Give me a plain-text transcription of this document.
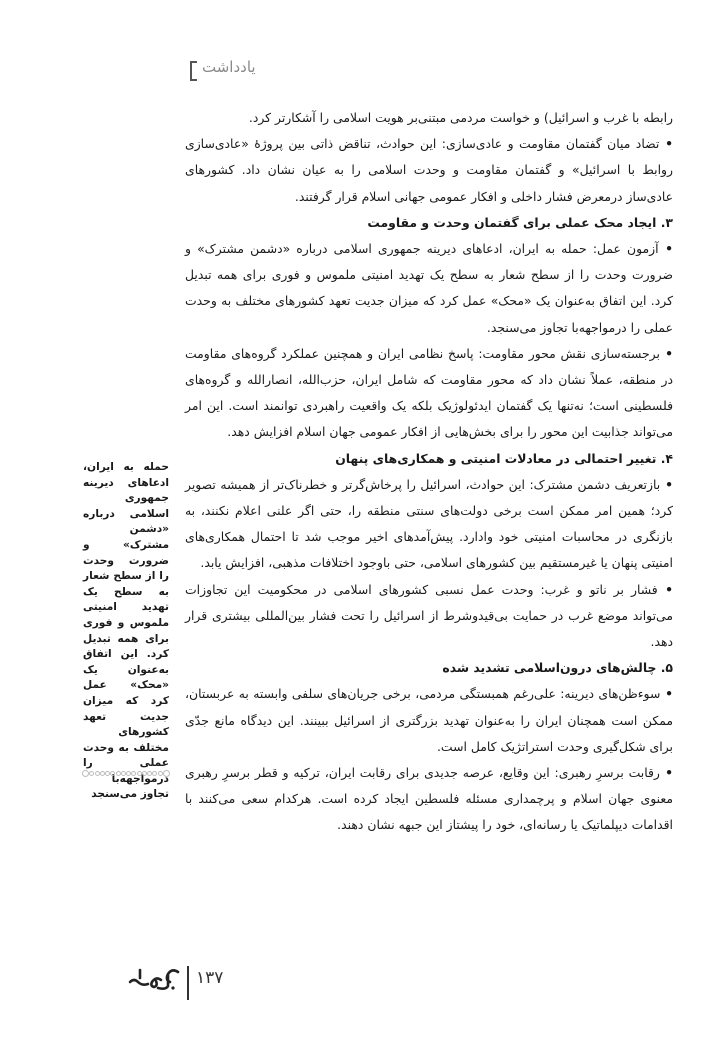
یادداشت

رابطه با غرب و اسرائیل) و خواست مردمی مبتنی‌بر هویت اسلامی را آشکارتر کرد.

• تضاد میان گفتمان مقاومت و عادی‌سازی: این حوادث، تناقض ذاتی بین پروژۀ «عادی‌سازی روابط با اسرائیل» و گفتمان مقاومت و وحدت اسلامی را به عیان نشان داد. کشورهای عادی‌ساز درمعرض فشار داخلی و افکار عمومی جهانی اسلام قرار گرفتند.

۳. ایجاد محک عملی برای گفتمان وحدت و مقاومت

• آزمون عمل: حمله به ایران، ادعاهای دیرینه جمهوری اسلامی درباره «دشمن مشترک» و ضرورت وحدت را از سطح شعار به سطح یک تهدید امنیتی ملموس و فوری برای همه تبدیل کرد. این اتفاق به‌عنوان یک «محک» عمل کرد که میزان جدیت تعهد کشورهای مختلف به وحدت عملی را درمواجهه‌با تجاوز می‌سنجد.

• برجسته‌سازی نقش محور مقاومت: پاسخ نظامی ایران و همچنین عملکرد گروه‌های مقاومت در منطقه، عملاً نشان داد که محور مقاومت که شامل ایران، حزب‌الله، انصارالله و گروه‌های فلسطینی است؛ نه‌تنها یک گفتمان ایدئولوژیک بلکه یک واقعیت راهبردی توانمند است. این امر می‌تواند جذابیت این محور را برای بخش‌هایی از افکار عمومی جهان اسلام افزایش دهد.

۴. تغییر احتمالی در معادلات امنیتی و همکاری‌های پنهان

• بازتعریف دشمن مشترک: این حوادث، اسرائیل را پرخاش‌گرتر و خطرناک‌تر از همیشه تصویر کرد؛ همین امر ممکن است برخی دولت‌های سنتی منطقه را، حتی اگر علنی اعلام نکنند، به بازنگری در محاسبات امنیتی خود وادارد. پیش‌آمدهای اخیر موجب شد تا احتمال همکاری‌های امنیتی پنهان یا غیرمستقیم بین کشورهای اسلامی، حتی باوجود اختلافات مذهبی، افزایش یابد.

• فشار بر ناتو و غرب: وحدت عمل نسبی کشورهای اسلامی در محکومیت این تجاوزات می‌تواند موضع غرب در حمایت بی‌قیدوشرط از اسرائیل را تحت فشار بین‌المللی بیشتری قرار دهد.

۵. چالش‌های درون‌اسلامی تشدید شده

• سوءظن‌های دیرینه: علی‌رغم همبستگی مردمی، برخی جریان‌های سلفی وابسته به عربستان، ممکن است همچنان ایران را به‌عنوان تهدید بزرگتری از اسرائیل ببینند. این دیدگاه مانع جدّی برای شکل‌گیری وحدت استراتژیک کامل است.

• رقابت برسرِ رهبری: این وقایع، عرصه جدیدی برای رقابت ایران، ترکیه و قطر برسرِ رهبری معنوی جهان اسلام و پرچمداری مسئله فلسطین ایجاد کرده است. هرکدام سعی می‌کنند با اقدامات دیپلماتیک یا رسانه‌ای، خود را پیشتاز این جبهه نشان دهند.

حمله به ایران، ادعاهای دیرینه جمهوری اسلامی درباره «دشمن مشترک» و ضرورت وحدت را از سطح شعار به سطح یک تهدید امنیتی ملموس و فوری برای همه تبدیل کرد. این اتفاق به‌عنوان یک «محک» عمل کرد که میزان جدیت تعهد کشورهای مختلف به وحدت عملی را درمواجهه‌با تجاوز می‌سنجد
۱۳۷
